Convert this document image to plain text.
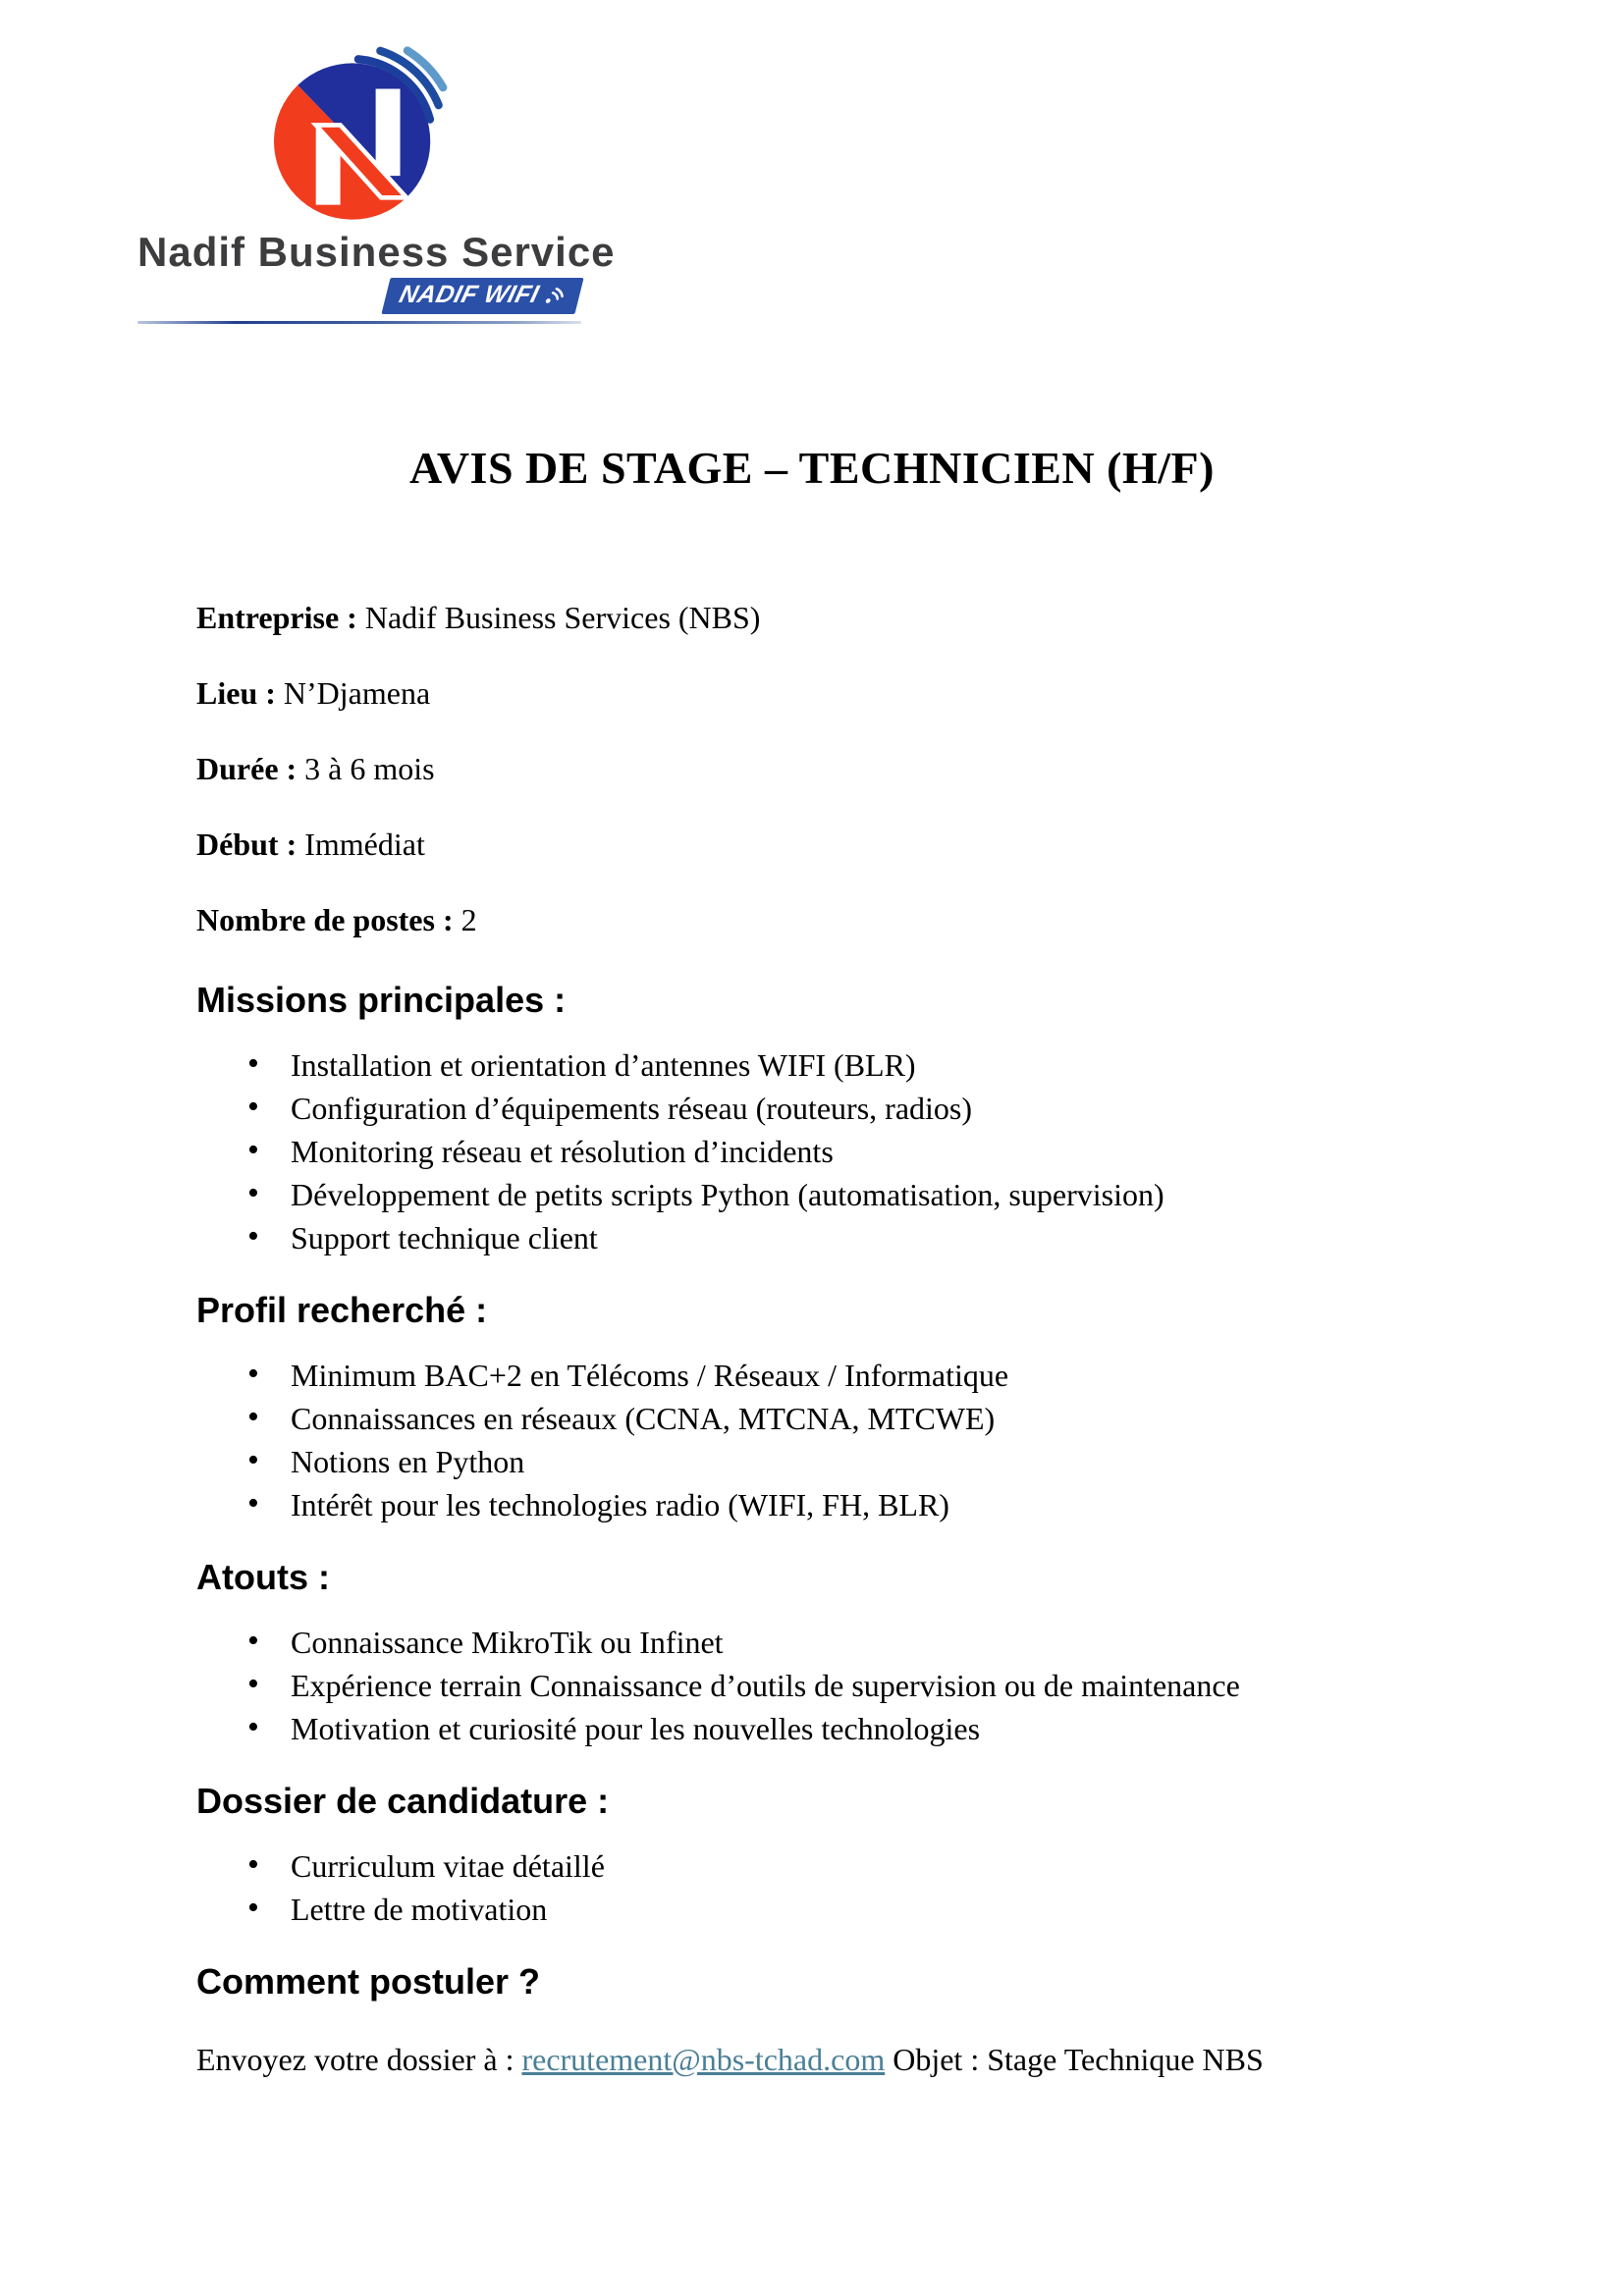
Nadif Business Service
NADIF WIFI
AVIS DE STAGE – TECHNICIEN (H/F)

Entreprise : Nadif Business Services (NBS)

Lieu : N’Djamena

Durée : 3 à 6 mois

Début : Immédiat

Nombre de postes : 2

Missions principales :
• Installation et orientation d’antennes WIFI (BLR)
• Configuration d’équipements réseau (routeurs, radios)
• Monitoring réseau et résolution d’incidents
• Développement de petits scripts Python (automatisation, supervision)
• Support technique client
Profil recherché :
• Minimum BAC+2 en Télécoms / Réseaux / Informatique
• Connaissances en réseaux (CCNA, MTCNA, MTCWE)
• Notions en Python
• Intérêt pour les technologies radio (WIFI, FH, BLR)
Atouts :
• Connaissance MikroTik ou Infinet
• Expérience terrain Connaissance d’outils de supervision ou de maintenance
• Motivation et curiosité pour les nouvelles technologies
Dossier de candidature :
• Curriculum vitae détaillé
• Lettre de motivation
Comment postuler ?

Envoyez votre dossier à : recrutement@nbs-tchad.com Objet : Stage Technique NBS
